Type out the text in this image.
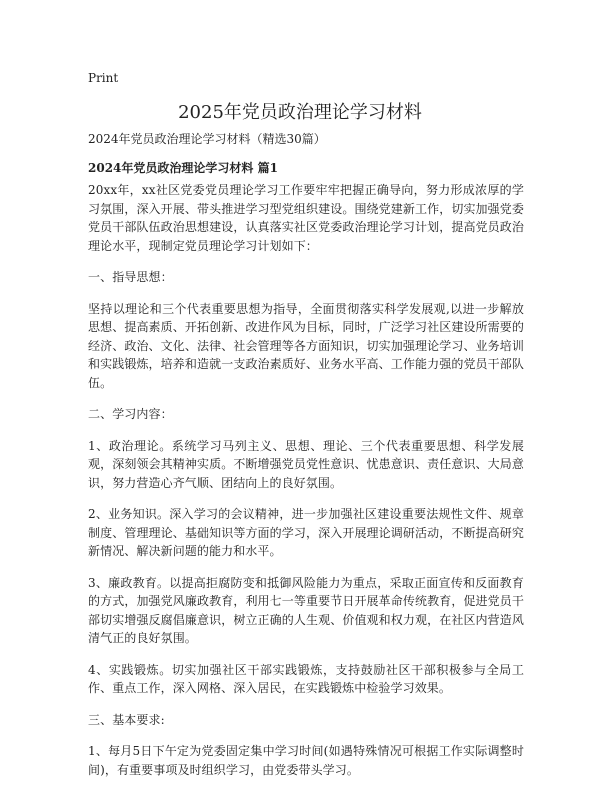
Print
2025年党员政治理论学习材料
2024年党员政治理论学习材料（精选30篇）
2024年党员政治理论学习材料 篇1

20xx年，xx社区党委党员理论学习工作要牢牢把握正确导向，努力形成浓厚的学习氛围，深入开展、带头推进学习型党组织建设。围绕党建新工作，切实加强党委党员干部队伍政治思想建设，认真落实社区党委政治理论学习计划，提高党员政治理论水平，现制定党员理论学习计划如下：

一、指导思想：

坚持以理论和三个代表重要思想为指导，全面贯彻落实科学发展观,以进一步解放思想、提高素质、开拓创新、改进作风为目标，同时，广泛学习社区建设所需要的经济、政治、文化、法律、社会管理等各方面知识，切实加强理论学习、业务培训和实践锻炼，培养和造就一支政治素质好、业务水平高、工作能力强的党员干部队伍。

二、学习内容：

1、政治理论。系统学习马列主义、思想、理论、三个代表重要思想、科学发展观，深刻领会其精神实质。不断增强党员党性意识、忧患意识、责任意识、大局意识，努力营造心齐气顺、团结向上的良好氛围。

2、业务知识。深入学习的会议精神，进一步加强社区建设重要法规性文件、规章制度、管理理论、基础知识等方面的学习，深入开展理论调研活动，不断提高研究新情况、解决新问题的能力和水平。

3、廉政教育。以提高拒腐防变和抵御风险能力为重点，采取正面宣传和反面教育的方式，加强党风廉政教育，利用七一等重要节日开展革命传统教育，促进党员干部切实增强反腐倡廉意识，树立正确的人生观、价值观和权力观，在社区内营造风清气正的良好氛围。

4、实践锻炼。切实加强社区干部实践锻炼，支持鼓励社区干部积极参与全局工作、重点工作，深入网格、深入居民，在实践锻炼中检验学习效果。

三、基本要求:

1、每月5日下午定为党委固定集中学习时间(如遇特殊情况可根据工作实际调整时间)，有重要事项及时组织学习，由党委带头学习。
